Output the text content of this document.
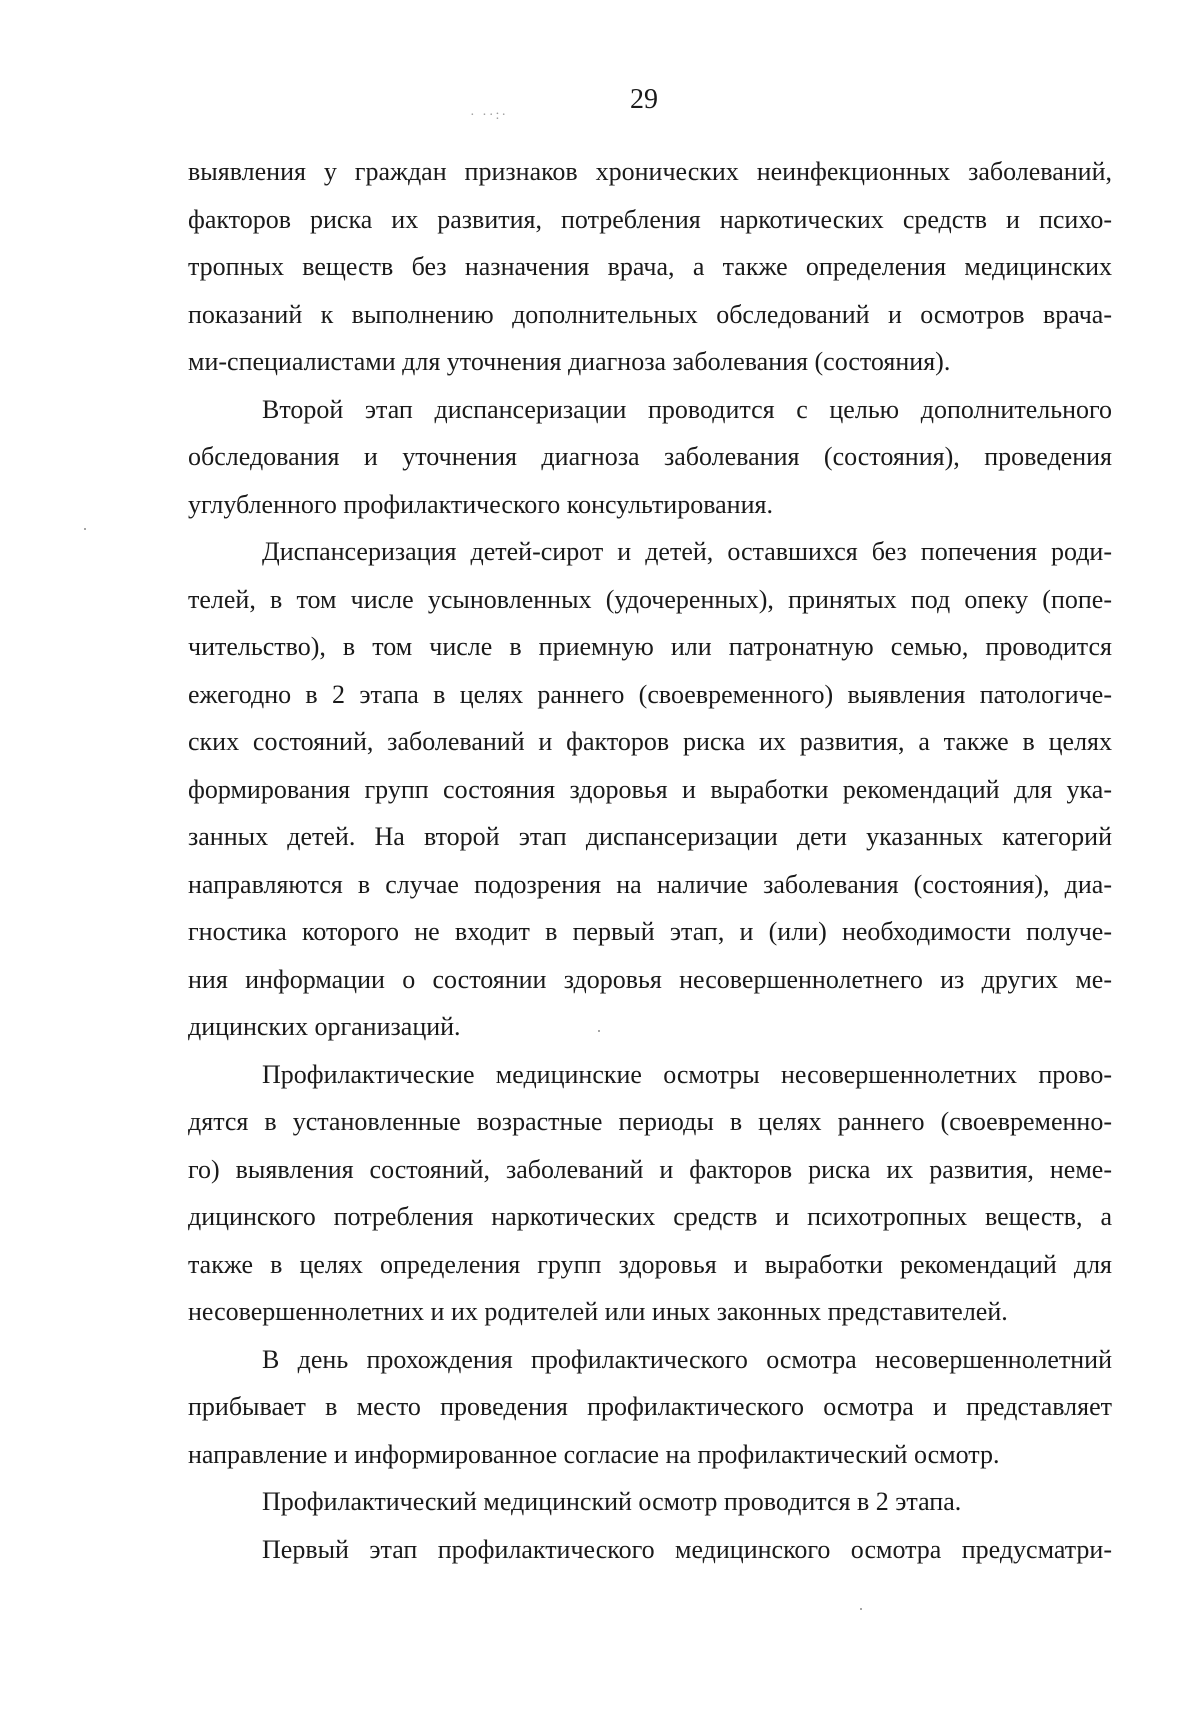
29
· ··:·
выявления у граждан признаков хронических неинфекционных заболеваний,
факторов риска их развития, потребления наркотических средств и психо-
тропных веществ без назначения врача, а также определения медицинских
показаний к выполнению дополнительных обследований и осмотров врача-
ми-специалистами для уточнения диагноза заболевания (состояния).
Второй этап диспансеризации проводится с целью дополнительного
обследования и уточнения диагноза заболевания (состояния), проведения
углубленного профилактического консультирования.
Диспансеризация детей-сирот и детей, оставшихся без попечения роди-
телей, в том числе усыновленных (удочеренных), принятых под опеку (попе-
чительство), в том числе в приемную или патронатную семью, проводится
ежегодно в 2 этапа в целях раннего (своевременного) выявления патологиче-
ских состояний, заболеваний и факторов риска их развития, а также в целях
формирования групп состояния здоровья и выработки рекомендаций для ука-
занных детей. На второй этап диспансеризации дети указанных категорий
направляются в случае подозрения на наличие заболевания (состояния), диа-
гностика которого не входит в первый этап, и (или) необходимости получе-
ния информации о состоянии здоровья несовершеннолетнего из других ме-
дицинских организаций.
Профилактические медицинские осмотры несовершеннолетних прово-
дятся в установленные возрастные периоды в целях раннего (своевременно-
го) выявления состояний, заболеваний и факторов риска их развития, неме-
дицинского потребления наркотических средств и психотропных веществ, а
также в целях определения групп здоровья и выработки рекомендаций для
несовершеннолетних и их родителей или иных законных представителей.
В день прохождения профилактического осмотра несовершеннолетний
прибывает в место проведения профилактического осмотра и представляет
направление и информированное согласие на профилактический осмотр.
Профилактический медицинский осмотр проводится в 2 этапа.
Первый этап профилактического медицинского осмотра предусматри-
